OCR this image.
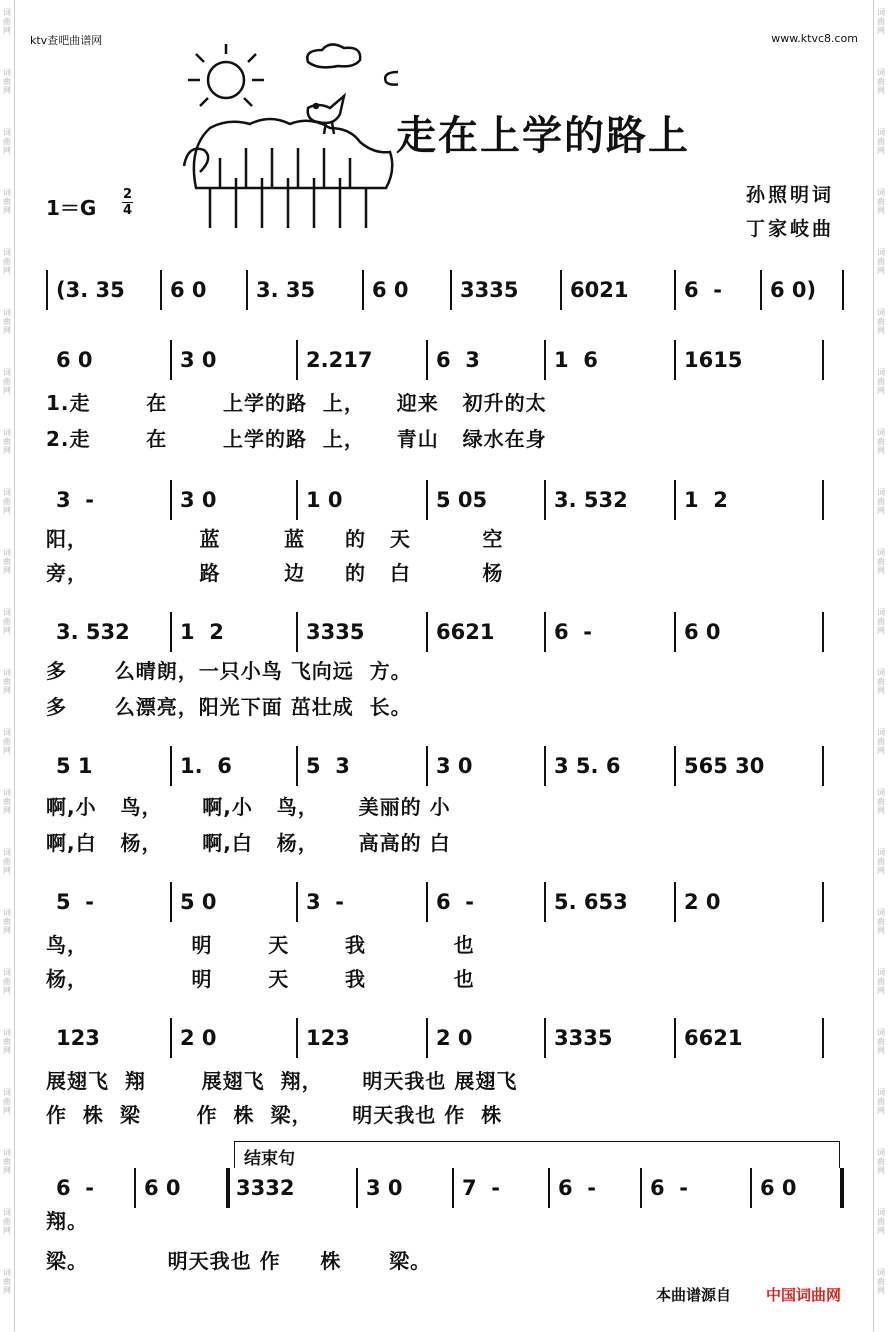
词曲网
词曲网
词曲网
词曲网
词曲网
词曲网
词曲网
词曲网
词曲网
词曲网
词曲网
词曲网
词曲网
词曲网
词曲网
词曲网
词曲网
词曲网
词曲网
词曲网
词曲网
词曲网
词曲网
词曲网
词曲网
词曲网
词曲网
词曲网
词曲网
词曲网
词曲网
词曲网
词曲网
词曲网
词曲网
词曲网
词曲网
词曲网
词曲网
词曲网
词曲网
词曲网
词曲网
词曲网
ktv查吧曲谱网	www.ktvc8.com
走在上学的路上
1＝G
2
4
孙照明词
丁家岐曲
(3. 35	6 0	3. 35	6 0	3335	6021	6  -	6 0)
6 0	3 0	2.217	6  3	1  6	1615
1.走       在       上学的路  上，    迎来   初升的太
2.走       在       上学的路  上，    青山   绿水在身
3  -	3 0	1 0	5 05	3. 532	1  2
阳，              蓝        蓝     的   天         空
旁，              路        边     的   白         杨
3. 532	1  2	3335	6621	6  -	6 0
多      么晴朗，一只小鸟 飞向远  方。
多      么漂亮，阳光下面 茁壮成  长。
5 1	1.  6	5  3	3 0	3 5. 6	565 30
啊,小   鸟，     啊,小   鸟，     美丽的 小
啊,白   杨，     啊,白   杨，     高高的 白
5  -	5 0	3  -	6  -	5. 653	2 0
鸟，             明       天       我           也
杨，             明       天       我           也
123	2 0	123	2 0	3335	6621
展翅飞  翔       展翅飞  翔，     明天我也 展翅飞
作  株  梁       作  株  梁，     明天我也 作  株
6  -	6 0	3332	3 0	7  -	6  -	6  -	6 0
翔。
梁。          明天我也 作     株      梁。
结束句
本曲谱源自 中国词曲网
